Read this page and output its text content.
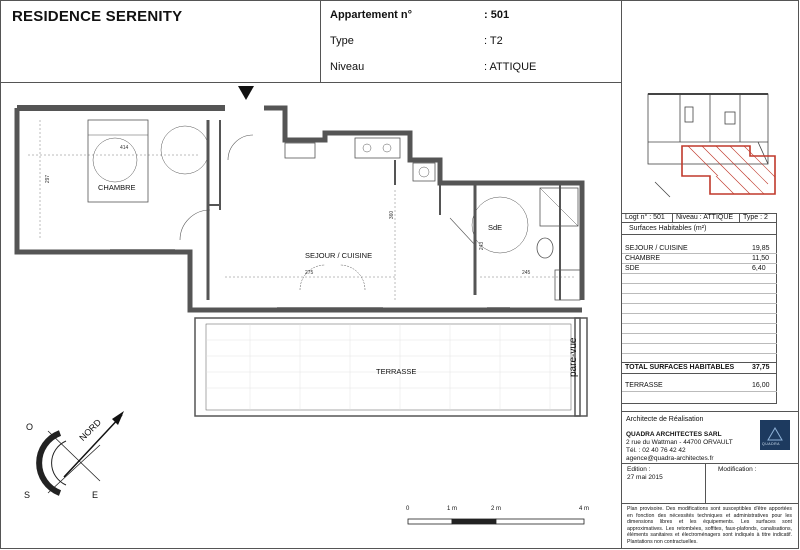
RESIDENCE SERENITY	Appartement n°	: 501
Type	: T2
Niveau	: ATTIQUE
CHAMBRE
SEJOUR / CUISINE
SdE
TERRASSE	pare-vue
414
297
360
275
243
245
NORD
O
S	E
0	1 m	2 m	4 m
Logt n° : 501 Niveau : ATTIQUE Type : 2
Surfaces Habitables (m²)
SEJOUR / CUISINE	19,85
CHAMBRE	11,50
SDE	6,40
TOTAL SURFACES HABITABLES	37,75
TERRASSE	16,00
Architecte de Réalisation
QUADRA ARCHITECTES SARL
2 rue du Wattman - 44700 ORVAULT
Tél. : 02 40 76 42 42
agence@quadra-architectes.fr
QUADRA
Edition :
27 mai 2015
Modification :
Plan provisoire. Des modifications sont susceptibles d'être apportées en fonction des nécessités techniques et administratives pour les dimensions libres et les équipements. Les surfaces sont approximatives. Les retombées, soffites, faux-plafonds, canalisations, éléments sanitaires et électroménagers sont indiqués à titre indicatif. Plantations non contractuelles.
